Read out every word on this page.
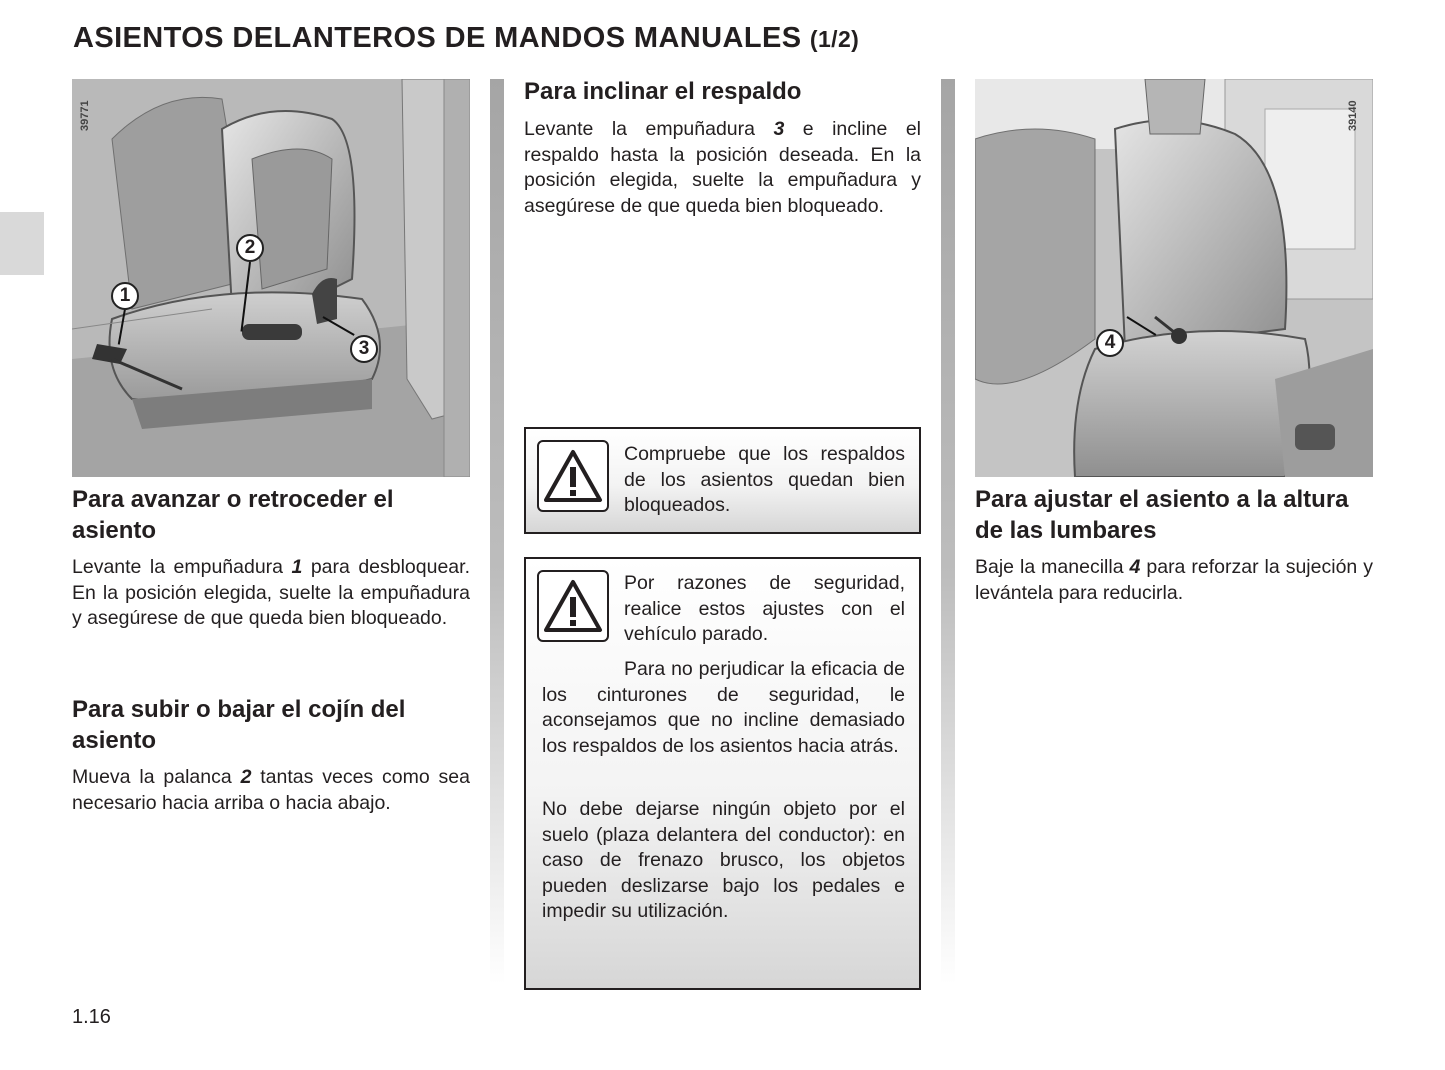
ASIENTOS DELANTEROS DE MANDOS MANUALES (1/2)
39771
1
2
3
39140
4
Para avanzar o retroceder el asiento

Levante la empuñadura 1 para desbloquear. En la posición elegida, suelte la empuñadura y asegúrese de que queda bien bloqueado.

Para subir o bajar el cojín del asiento

Mueva la palanca 2 tantas veces como sea necesario hacia arriba o hacia abajo.

Para inclinar el respaldo

Levante la empuñadura 3 e incline el respaldo hasta la posición deseada. En la posición elegida, suelte la empuñadura y asegúrese de que queda bien bloqueado.

Compruebe que los respaldos de los asientos quedan bien bloqueados.

Por razones de seguridad, realice estos ajustes con el vehículo parado.

Para no perjudicar la eficacia de los cinturones de seguridad, le aconsejamos que no incline demasiado los respaldos de los asientos hacia atrás.

No debe dejarse ningún objeto por el suelo (plaza delantera del conductor): en caso de frenazo brusco, los objetos pueden deslizarse bajo los pedales e impedir su utilización.

Para ajustar el asiento a la altura de las lumbares

Baje la manecilla 4 para reforzar la sujeción y levántela para reducirla.

1.16
